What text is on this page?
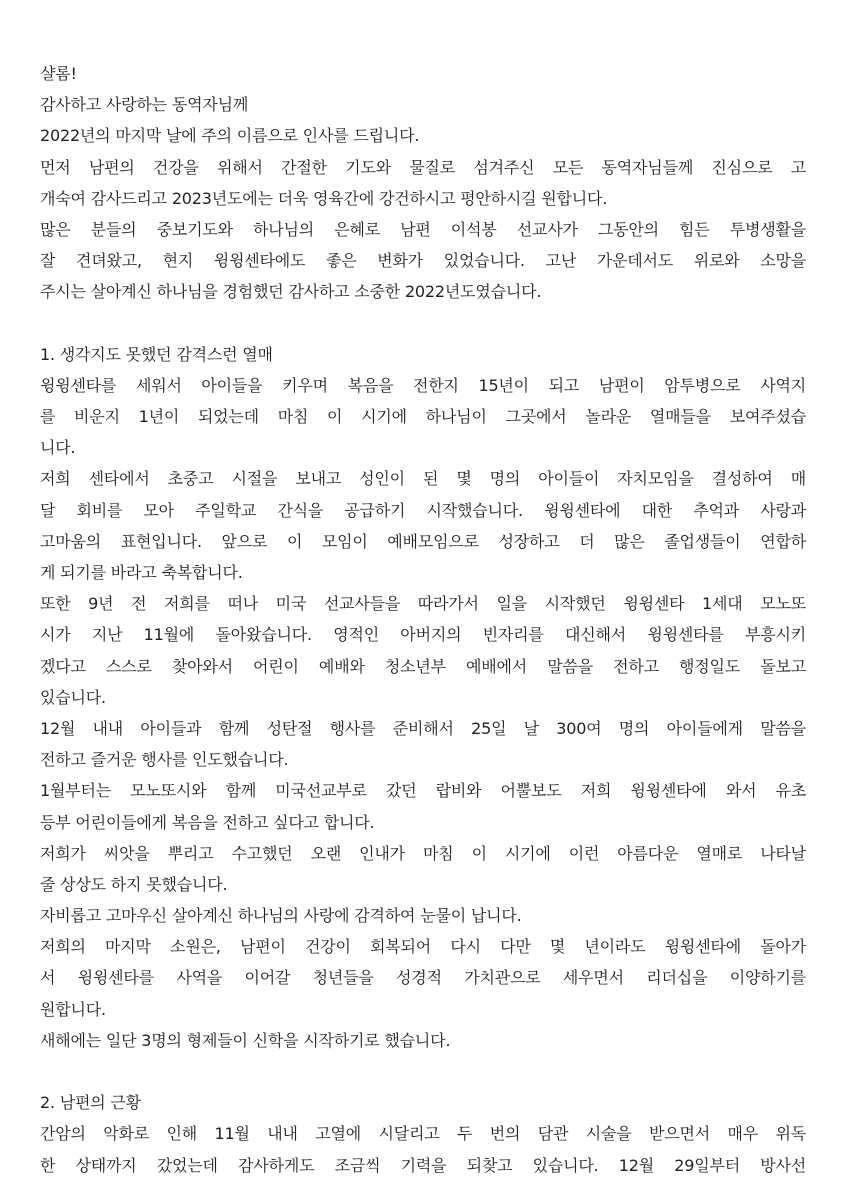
샬롬!
감사하고 사랑하는 동역자님께
2022년의 마지막 날에 주의 이름으로 인사를 드립니다.
먼저 남편의 건강을 위해서 간절한 기도와 물질로 섬겨주신 모든 동역자님들께 진심으로 고
개숙여 감사드리고 2023년도에는 더욱 영육간에 강건하시고 평안하시길 원합니다.
많은 분들의 중보기도와 하나님의 은혜로 남편 이석봉 선교사가 그동안의 힘든 투병생활을
잘 견뎌왔고, 현지 윙윙센타에도 좋은 변화가 있었습니다. 고난 가운데서도 위로와 소망을
주시는 살아계신 하나님을 경험했던 감사하고 소중한 2022년도였습니다.
1. 생각지도 못했던 감격스런 열매
윙윙센타를 세워서 아이들을 키우며 복음을 전한지 15년이 되고 남편이 암투병으로 사역지
를 비운지 1년이 되었는데 마침 이 시기에 하나님이 그곳에서 놀라운 열매들을 보여주셨습
니다.
저희 센타에서 초중고 시절을 보내고 성인이 된 몇 명의 아이들이 자치모임을 결성하여 매
달 회비를 모아 주일학교 간식을 공급하기 시작했습니다. 윙윙센타에 대한 추억과 사랑과
고마움의 표현입니다. 앞으로 이 모임이 예배모임으로 성장하고 더 많은 졸업생들이 연합하
게 되기를 바라고 축복합니다.
또한 9년 전 저희를 떠나 미국 선교사들을 따라가서 일을 시작했던 윙윙센타 1세대 모노또
시가 지난 11월에 돌아왔습니다. 영적인 아버지의 빈자리를 대신해서 윙윙센타를 부흥시키
겠다고 스스로 찾아와서 어린이 예배와 청소년부 예배에서 말씀을 전하고 행정일도 돌보고
있습니다.
12월 내내 아이들과 함께 성탄절 행사를 준비해서 25일 날 300여 명의 아이들에게 말씀을
전하고 즐거운 행사를 인도했습니다.
1월부터는 모노또시와 함께 미국선교부로 갔던 랍비와 어뿔보도 저희 윙윙센타에 와서 유초
등부 어린이들에게 복음을 전하고 싶다고 합니다.
저희가 씨앗을 뿌리고 수고했던 오랜 인내가 마침 이 시기에 이런 아름다운 열매로 나타날
줄 상상도 하지 못했습니다.
자비롭고 고마우신 살아계신 하나님의 사랑에 감격하여 눈물이 납니다.
저희의 마지막 소원은, 남편이 건강이 회복되어 다시 다만 몇 년이라도 윙윙센타에 돌아가
서 윙윙센타를 사역을 이어갈 청년들을 성경적 가치관으로 세우면서 리더십을 이양하기를
원합니다.
새해에는 일단 3명의 형제들이 신학을 시작하기로 했습니다.
2. 남편의 근황
간암의 악화로 인해 11월 내내 고열에 시달리고 두 번의 담관 시술을 받으면서 매우 위독
한 상태까지 갔었는데 감사하게도 조금씩 기력을 되찾고 있습니다. 12월 29일부터 방사선
